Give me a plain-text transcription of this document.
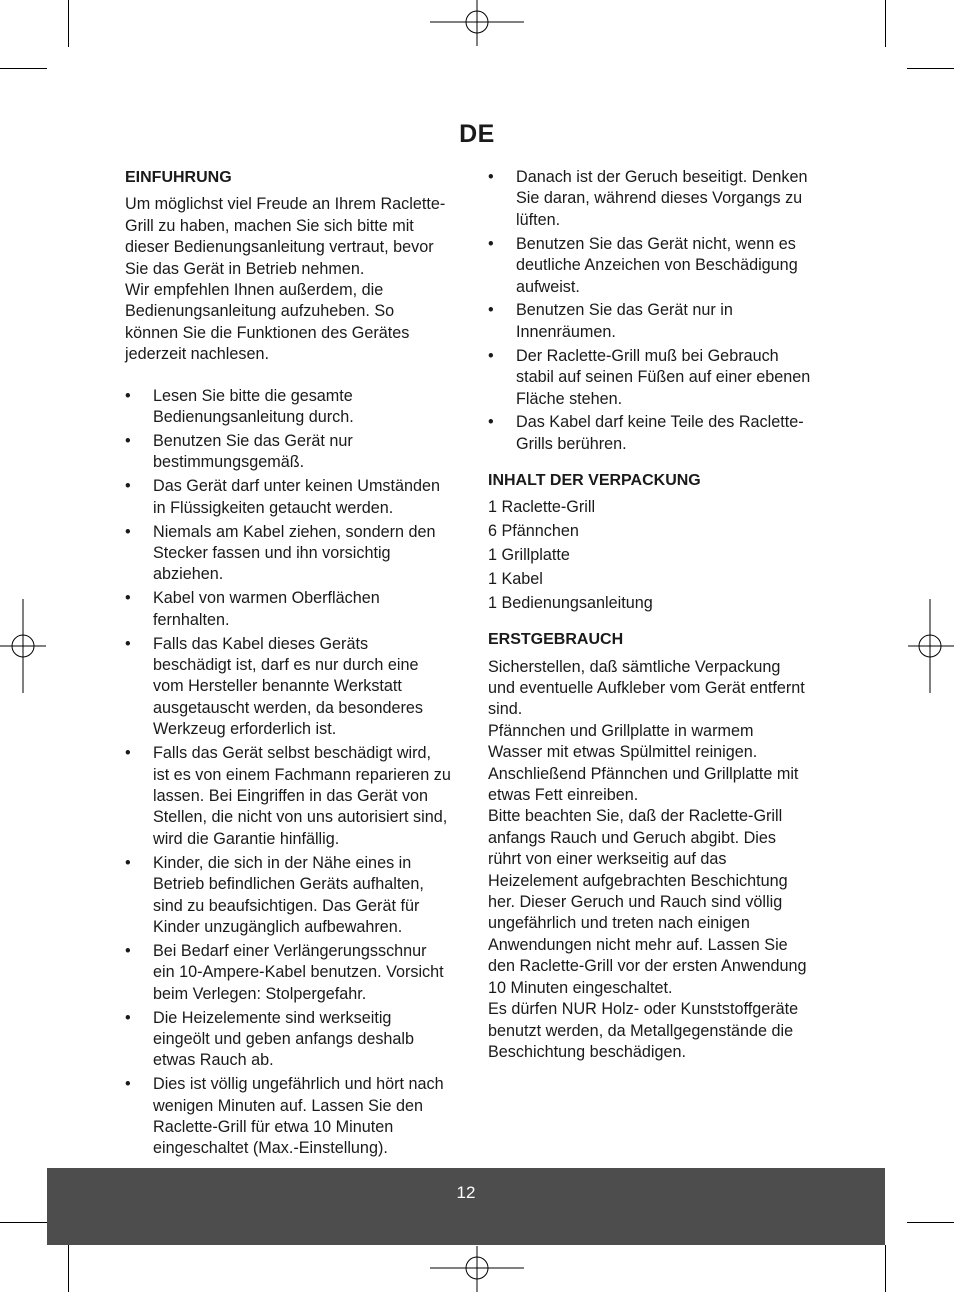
DE
EINFUHRUNG
Um möglichst viel Freude an Ihrem Raclette-
Grill zu haben, machen Sie sich bitte mit
dieser Bedienungsanleitung vertraut, bevor
Sie das Gerät in Betrieb nehmen.
Wir empfehlen Ihnen außerdem, die
Bedienungsanleitung aufzuheben. So
können Sie die Funktionen des Gerätes
jederzeit nachlesen.
• Lesen Sie bitte die gesamte
Bedienungsanleitung durch.
• Benutzen Sie das Gerät nur
bestimmungsgemäß.
• Das Gerät darf unter keinen Umständen
in Flüssigkeiten getaucht werden.
• Niemals am Kabel ziehen, sondern den
Stecker fassen und ihn vorsichtig
abziehen.
• Kabel von warmen Oberflächen
fernhalten.
• Falls das Kabel dieses Geräts
beschädigt ist, darf es nur durch eine
vom Hersteller benannte Werkstatt
ausgetauscht werden, da besonderes
Werkzeug erforderlich ist.
• Falls das Gerät selbst beschädigt wird,
ist es von einem Fachmann reparieren zu
lassen. Bei Eingriffen in das Gerät von
Stellen, die nicht von uns autorisiert sind,
wird die Garantie hinfällig.
• Kinder, die sich in der Nähe eines in
Betrieb befindlichen Geräts aufhalten,
sind zu beaufsichtigen. Das Gerät für
Kinder unzugänglich aufbewahren.
• Bei Bedarf einer Verlängerungsschnur
ein 10-Ampere-Kabel benutzen. Vorsicht
beim Verlegen: Stolpergefahr.
• Die Heizelemente sind werkseitig
eingeölt und geben anfangs deshalb
etwas Rauch ab.
• Dies ist völlig ungefährlich und hört nach
wenigen Minuten auf. Lassen Sie den
Raclette-Grill für etwa 10 Minuten
eingeschaltet (Max.-Einstellung).
• Danach ist der Geruch beseitigt. Denken
Sie daran, während dieses Vorgangs zu
lüften.
• Benutzen Sie das Gerät nicht, wenn es
deutliche Anzeichen von Beschädigung
aufweist.
• Benutzen Sie das Gerät nur in
Innenräumen.
• Der Raclette-Grill muß bei Gebrauch
stabil auf seinen Füßen auf einer ebenen
Fläche stehen.
• Das Kabel darf keine Teile des Raclette-
Grills berühren.
INHALT DER VERPACKUNG

1 Raclette-Grill

6 Pfännchen

1 Grillplatte

1 Kabel

1 Bedienungsanleitung

ERSTGEBRAUCH
Sicherstellen, daß sämtliche Verpackung
und eventuelle Aufkleber vom Gerät entfernt
sind.
Pfännchen und Grillplatte in warmem
Wasser mit etwas Spülmittel reinigen.
Anschließend Pfännchen und Grillplatte mit
etwas Fett einreiben.
Bitte beachten Sie, daß der Raclette-Grill
anfangs Rauch und Geruch abgibt. Dies
rührt von einer werkseitig auf das
Heizelement aufgebrachten Beschichtung
her. Dieser Geruch und Rauch sind völlig
ungefährlich und treten nach einigen
Anwendungen nicht mehr auf. Lassen Sie
den Raclette-Grill vor der ersten Anwendung
10 Minuten eingeschaltet.
Es dürfen NUR Holz- oder Kunststoffgeräte
benutzt werden, da Metallgegenstände die
Beschichtung beschädigen.
12
